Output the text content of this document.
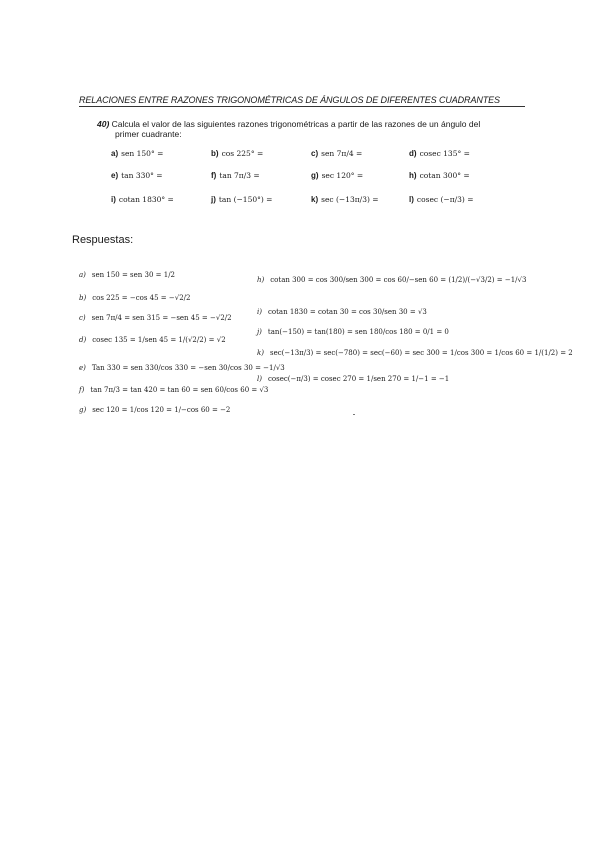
RELACIONES ENTRE RAZONES TRIGONOMÉTRICAS DE ÁNGULOS DE DIFERENTES CUADRANTES
40) Calcula el valor de las siguientes razones trigonométricas a partir de las razones de un ángulo del
primer cuadrante:
a) sen 150° =	b) cos 225° =	c) sen 7π/4 =	d) cosec 135° =
e) tan 330° =	f) tan 7π/3 =	g) sec 120° =	h) cotan 300° =
i) cotan 1830° =	j) tan (−150°) =	k) sec (−13π/3) =	l) cosec (−π/3) =
Respuestas:
a) sen 150 = sen 30 = 1/2
b) cos 225 = −cos 45 = −√2/2
c) sen 7π/4 = sen 315 = −sen 45 = −√2/2
d) cosec 135 = 1/sen 45 = 1/(√2/2) = √2
e) Tan 330 = sen 330/cos 330 = −sen 30/cos 30 = −1/√3
f) tan 7π/3 = tan 420 = tan 60 = sen 60/cos 60 = √3
g) sec 120 = 1/cos 120 = 1/−cos 60 = −2
h) cotan 300 = cos 300/sen 300 = cos 60/−sen 60 = (1/2)/(−√3/2) = −1/√3
i) cotan 1830 = cotan 30 = cos 30/sen 30 = √3
j) tan(−150) = tan(180) = sen 180/cos 180 = 0/1 = 0
k) sec(−13π/3) = sec(−780) = sec(−60) = sec 300 = 1/cos 300 = 1/cos 60 = 1/(1/2) = 2
l) cosec(−π/3) = cosec 270 = 1/sen 270 = 1/−1 = −1
